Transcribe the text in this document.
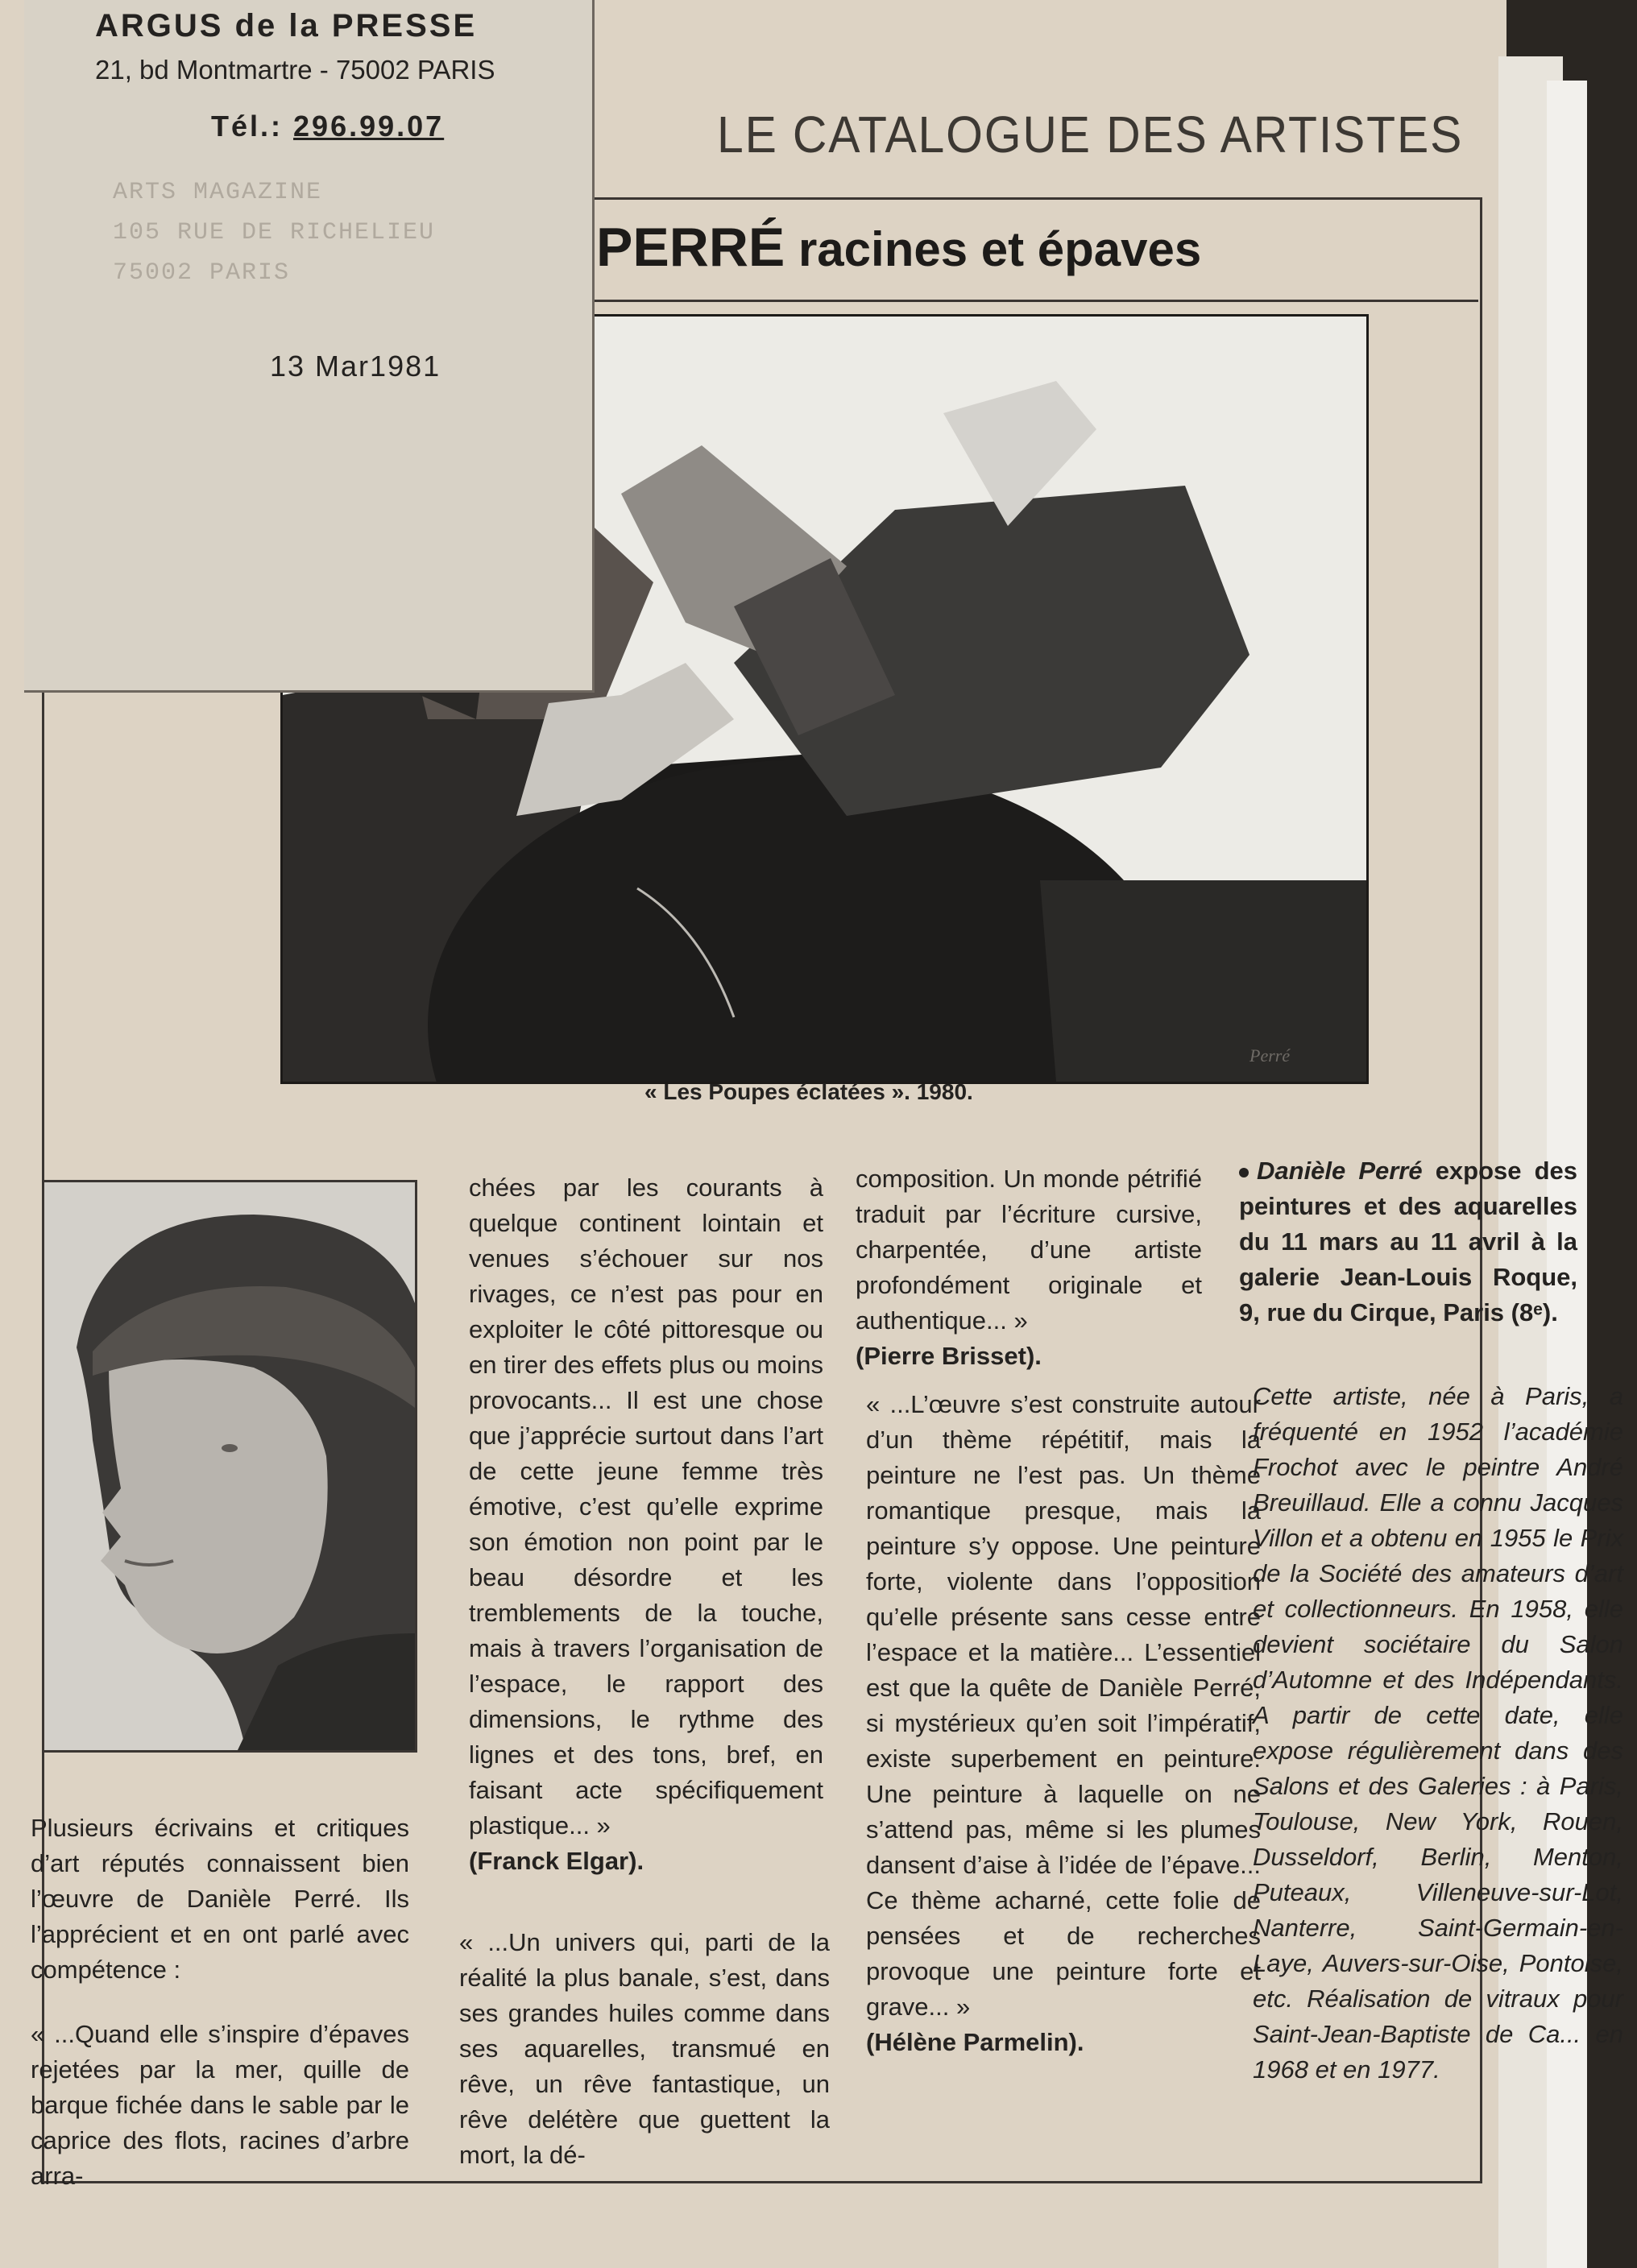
LE CATALOGUE DES ARTISTES
PERRÉ racines et épaves
Perré
« Les Poupes éclatées ». 1980.
ARGUS de la PRESSE
21, bd Montmartre - 75002 PARIS
Tél.: 296.99.07
ARTS MAGAZINE
105 RUE DE RICHELIEU
75002 PARIS
13 Mar1981

Plusieurs écrivains et critiques d’art réputés connaissent bien l’œuvre de Danièle Perré. Ils l’apprécient et en ont parlé avec compétence :

« ...Quand elle s’inspire d’épaves rejetées par la mer, quille de barque fichée dans le sable par le caprice des flots, racines d’arbre arra-

chées par les courants à quelque continent lointain et venues s’échouer sur nos rivages, ce n’est pas pour en exploiter le côté pittoresque ou en tirer des effets plus ou moins provocants... Il est une chose que j’apprécie surtout dans l’art de cette jeune femme très émotive, c’est qu’elle exprime son émotion non point par le beau désordre et les tremblements de la touche, mais à travers l’organisation de l’espace, le rapport des dimensions, le rythme des lignes et des tons, bref, en faisant acte spécifiquement plastique... »

(Franck Elgar).

« ...Un univers qui, parti de la réalité la plus banale, s’est, dans ses grandes huiles comme dans ses aquarelles, transmué en rêve, un rêve fantastique, un rêve delétère que guettent la mort, la dé-

composition. Un monde pétrifié traduit par l’écriture cursive, charpentée, d’une artiste profondément originale et authentique... »

(Pierre Brisset).

« ...L’œuvre s’est construite autour d’un thème répétitif, mais la peinture ne l’est pas. Un thème romantique presque, mais la peinture s’y oppose. Une peinture forte, violente dans l’opposition qu’elle présente sans cesse entre l’espace et la matière... L’essentiel est que la quête de Danièle Perré, si mystérieux qu’en soit l’impératif, existe superbement en peinture. Une peinture à laquelle on ne s’attend pas, même si les plumes dansent d’aise à l’idée de l’épave... Ce thème acharné, cette folie de pensées et de recherches provoque une peinture forte et grave... »

(Hélène Parmelin).

Danièle Perré expose des peintures et des aquarelles du 11 mars au 11 avril à la galerie Jean-Louis Roque, 9, rue du Cirque, Paris (8ᵉ).

Cette artiste, née à Paris, a fréquenté en 1952 l’académie Frochot avec le peintre André Breuillaud. Elle a connu Jacques Villon et a obtenu en 1955 le Prix de la Société des amateurs d’art et collectionneurs. En 1958, elle devient sociétaire du Salon d’Automne et des Indépendants. A partir de cette date, elle expose régulièrement dans des Salons et des Galeries : à Paris, Toulouse, New York, Rouen, Dusseldorf, Berlin, Menton, Puteaux, Villeneuve-sur-Lot, Nanterre, Saint-Germain-en-Laye, Auvers-sur-Oise, Pontoise, etc. Réalisation de vitraux pour Saint-Jean-Baptiste de Ca... en 1968 et en 1977.
